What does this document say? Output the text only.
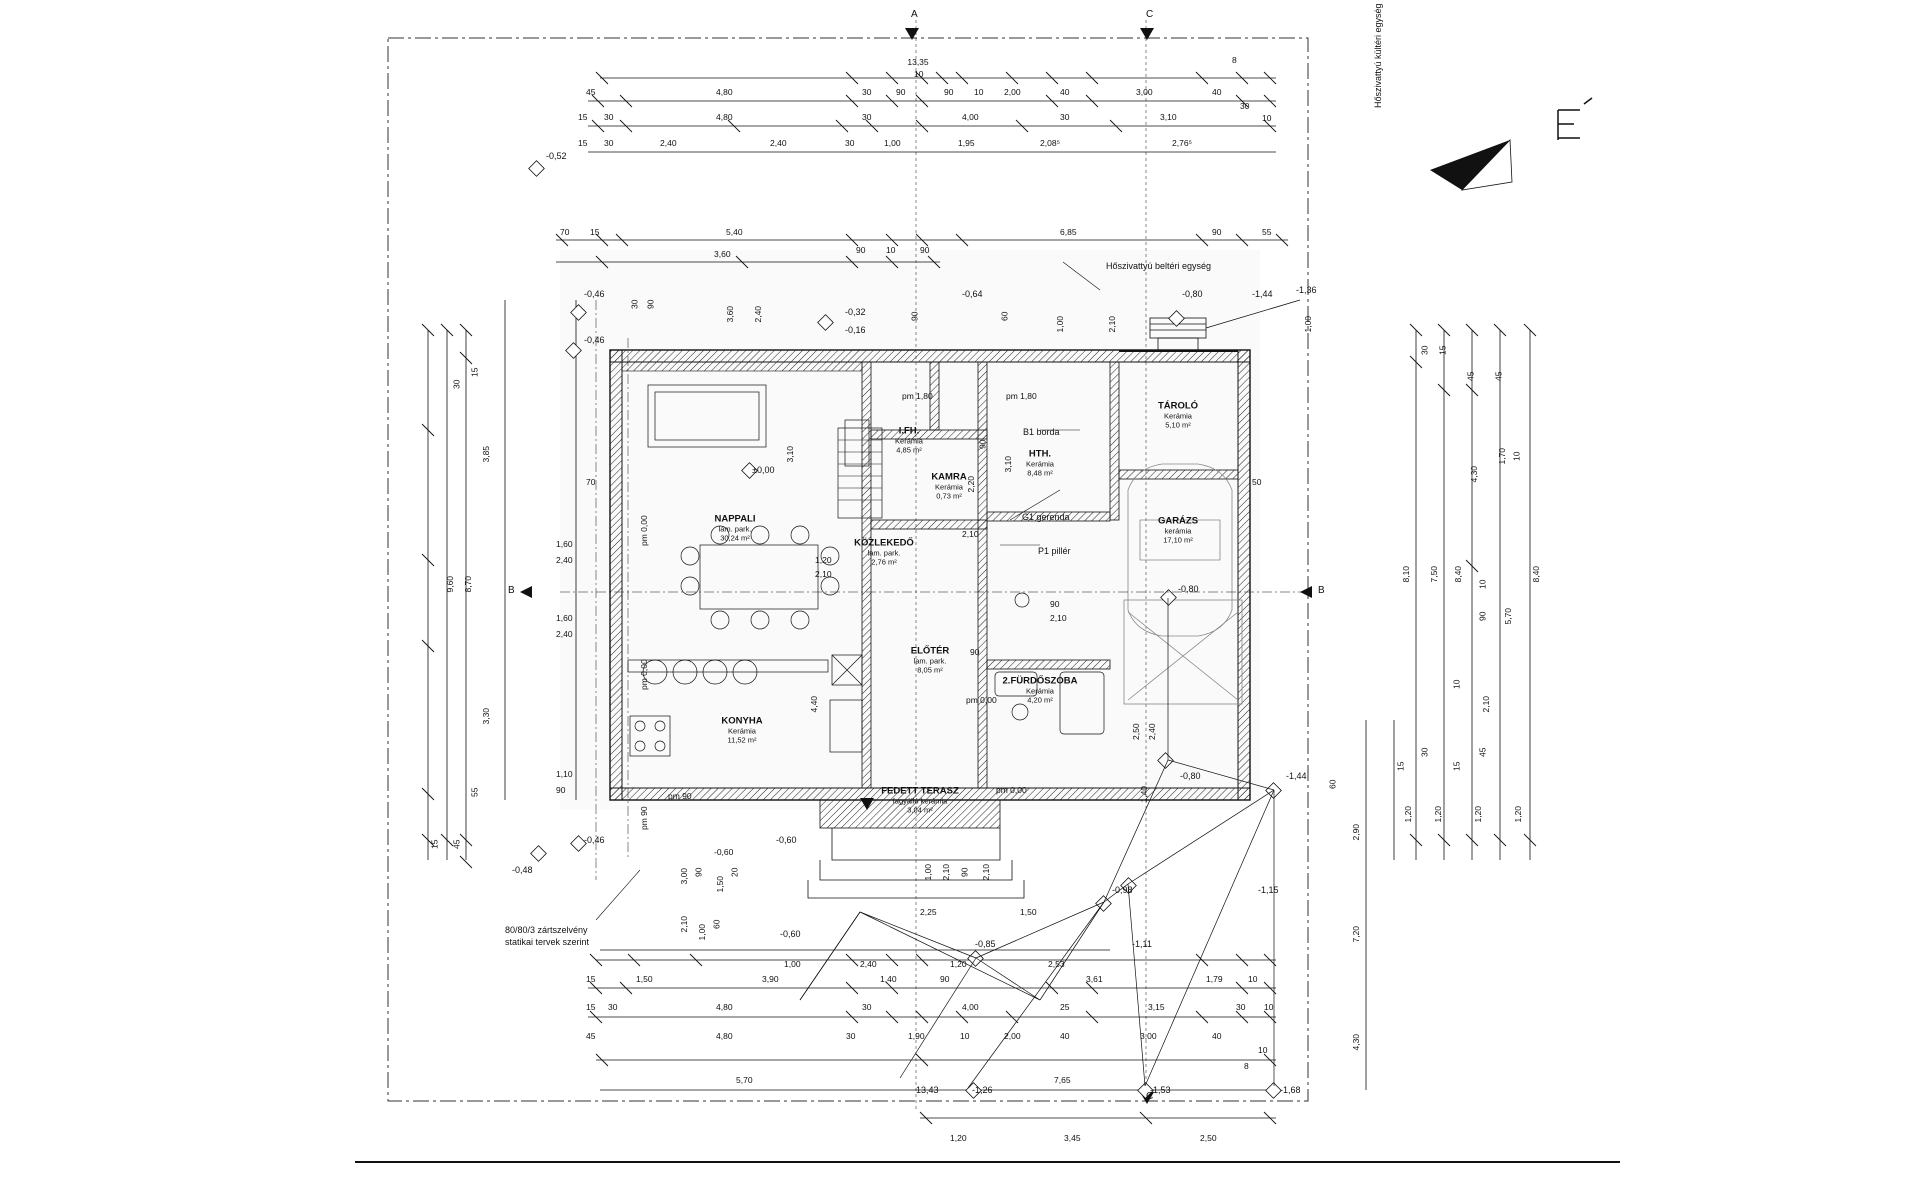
A	C
B	B
C
NAPPALI
lam. park.
30,24 m²
KONYHA
Kerámia
11,52 m²
KÖZLEKEDŐ
lam. park.
2,76 m²
ELŐTÉR
lam. park.
8,05 m²
KAMRA
Kerámia
0,73 m²
I.FH.
Kerámia
4,85 m²	HTH.
Kerámia
8,48 m²
TÁROLÓ
Kerámia
5,10 m²
GARÁZS
kerámia
17,10 m²
2.FÜRDŐSZOBA
Kerámia
4,20 m²
FEDETT TERASZ
fagyálló kerámia
3,04 m²
Hőszivattyú kültéri egység
Hőszivattyú beltéri egység
80/80/3 zártszelvény
statikai tervek szerint
B1 borda
G1 gerenda
P1 pillér
±0,00
-0,52
-0,46
-0,46
-0,32
-0,16
-0,64	-0,80	-1,44	-1,36
-0,48
-0,46	-0,60
-0,60
-0,80
-0,80	-1,44
-0,98	-1,15
-0,85	-1,11
-1,26
13,43	-1,53	-1,68
13,35	8
10
45	4,80	30	90	90 10 2,00	40	3,00	40
30
10
15 30	4,80	30	4,00	30	3,10
15 30	2,40	2,40	30	1,00	1,95	2,08⁵	2,76⁵
70 15	5,40
90 10	90
6,85	90	55
3,60
30 90
3,60 2,40	90	60	1,00	2,10	1,00
3,10
3,10
2,20
90
4,40
pm 1,80	pm 1,80
2,10
1,20
2,10
90
2,10
90
pm 0,00
pm 0,00
pm 0,00
pm 90
pm 90
2,50 2,40
50
70
30
15
3,85
9,60 8,70
1,60
2,40
1,60
2,40
3,30
1,10
90
55
15 45
30 15
45 45
4,30
1,70 10
8,10 7,50 8,40
10
90 5,70
2,10
10
8,40
15
30
15
45
1,20 1,20	1,20	1,20
2,90
7,20
4,30
60
-0,60
3,00 90
1,50
20
2,10 1,00 60
1,00 2,10 90 2,10
2,25	1,50
1,00	2,40	1,20	2,53
1,40
pm 0,00
15	1,50	3,90	1,40	90	3,61	1,79	10
15 30	4,80	30	4,00	25	3,15	30 10
45	4,80	30	1,90	10	2,00	40	3,00	40
10
5,70	7,65
8
1,20	3,45	2,50
